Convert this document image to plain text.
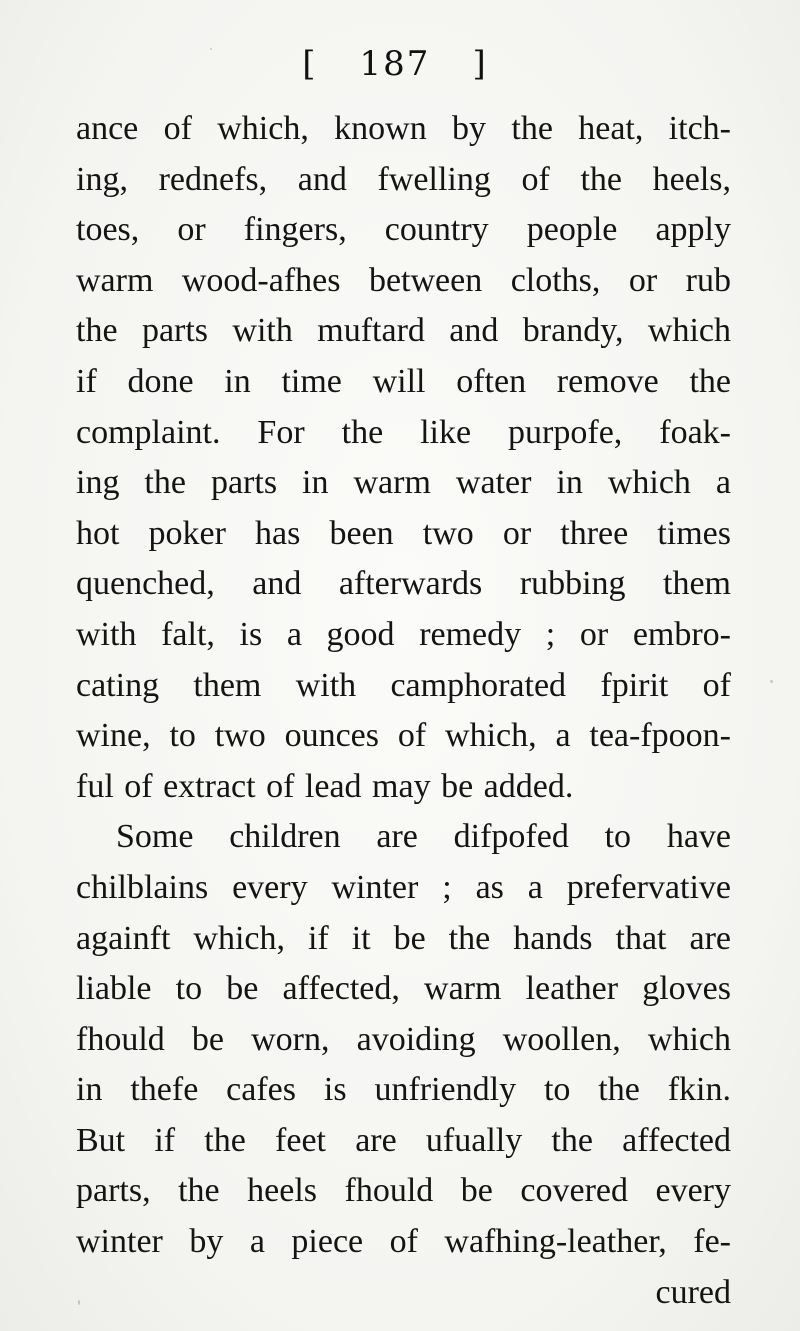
[ 187 ]
ance of which, known by the heat, itch-
ing, rednefs, and fwelling of the heels,
toes, or fingers, country people apply
warm wood-afhes between cloths, or rub
the parts with muftard and brandy, which
if done in time will often remove the
complaint. For the like purpofe, foak-
ing the parts in warm water in which a
hot poker has been two or three times
quenched, and afterwards rubbing them
with falt, is a good remedy ; or embro-
cating them with camphorated fpirit of
wine, to two ounces of which, a tea-fpoon-
ful of extract of lead may be added.
Some children are difpofed to have
chilblains every winter ; as a prefervative
againft which, if it be the hands that are
liable to be affected, warm leather gloves
fhould be worn, avoiding woollen, which
in thefe cafes is unfriendly to the fkin.
But if the feet are ufually the affected
parts, the heels fhould be covered every
winter by a piece of wafhing-leather, fe-
cured
